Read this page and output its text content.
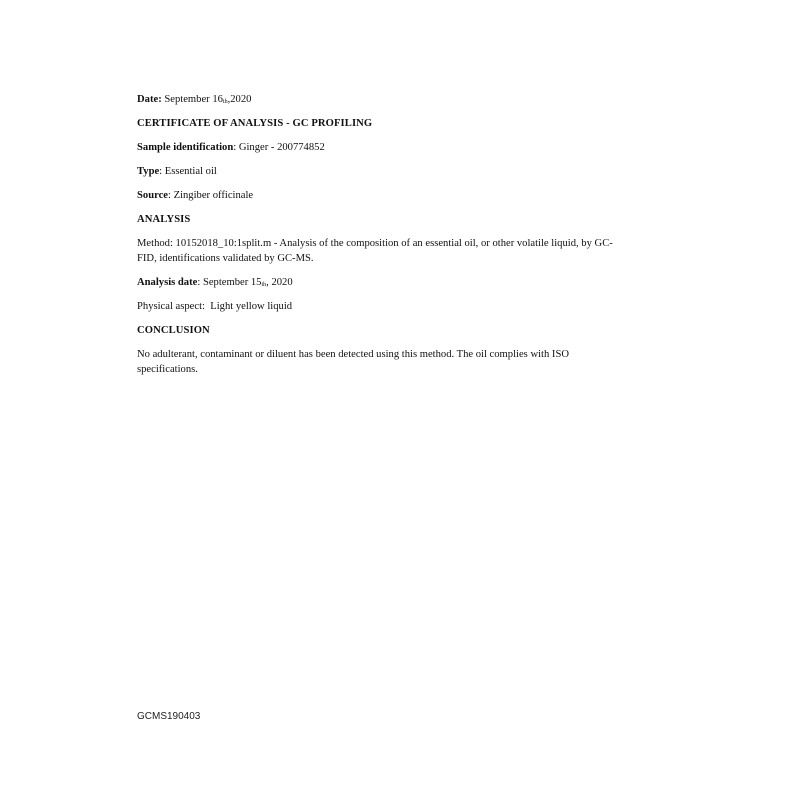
Date: September 16th,2020

CERTIFICATE OF ANALYSIS - GC PROFILING

Sample identification: Ginger - 200774852

Type: Essential oil

Source: Zingiber officinale

ANALYSIS

Method: 10152018_10:1split.m - Analysis of the composition of an essential oil, or other volatile liquid, by GC-FID, identifications validated by GC-MS.

Analysis date: September 15th, 2020

Physical aspect:  Light yellow liquid

CONCLUSION

No adulterant, contaminant or diluent has been detected using this method. The oil complies with ISO specifications.

GCMS190403
